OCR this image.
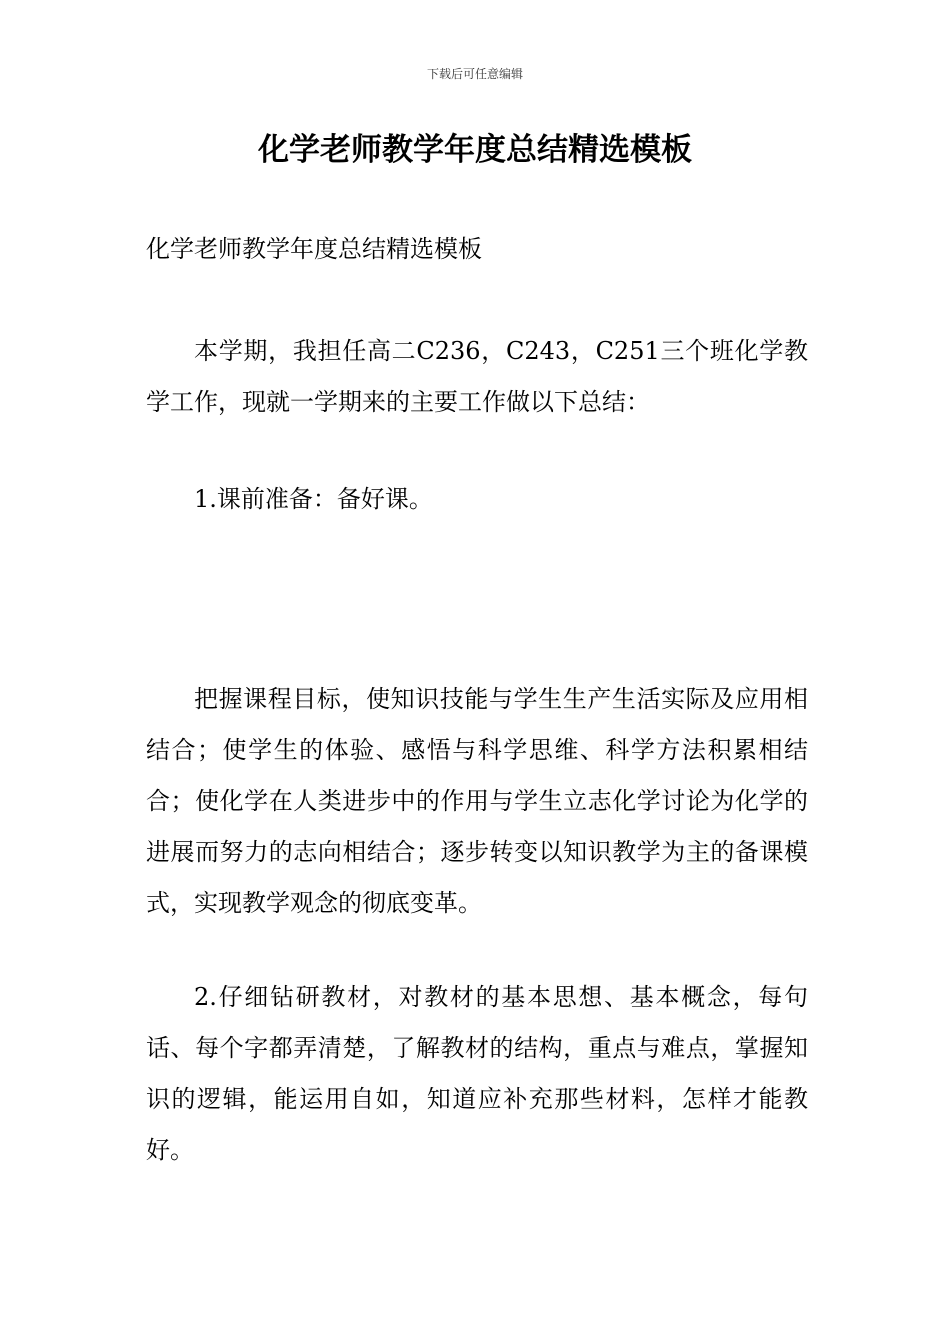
下载后可任意编辑
化学老师教学年度总结精选模板

化学老师教学年度总结精选模板

本学期，我担任高二C236，C243，C251三个班化学教学工作，现就一学期来的主要工作做以下总结：

1.课前准备：备好课。

把握课程目标，使知识技能与学生生产生活实际及应用相结合；使学生的体验、感悟与科学思维、科学方法积累相结合；使化学在人类进步中的作用与学生立志化学讨论为化学的进展而努力的志向相结合；逐步转变以知识教学为主的备课模式，实现教学观念的彻底变革。

2.仔细钻研教材，对教材的基本思想、基本概念，每句话、每个字都弄清楚，了解教材的结构，重点与难点，掌握知识的逻辑，能运用自如，知道应补充那些材料，怎样才能教好。
